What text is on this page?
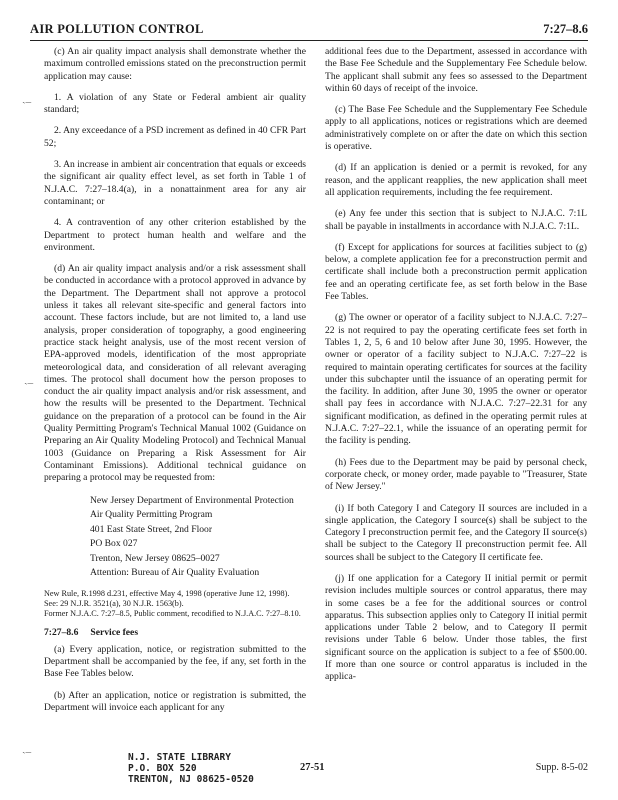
AIR POLLUTION CONTROL	7:27–8.6
ˎ_
ˎ_
ˎ_

(c) An air quality impact analysis shall demonstrate whether the maximum controlled emissions stated on the preconstruction permit application may cause:

1. A violation of any State or Federal ambient air quality standard;

2. Any exceedance of a PSD increment as defined in 40 CFR Part 52;

3. An increase in ambient air concentration that equals or exceeds the significant air quality effect level, as set forth in Table 1 of N.J.A.C. 7:27–18.4(a), in a nonattainment area for any air contaminant; or

4. A contravention of any other criterion established by the Department to protect human health and welfare and the environment.

(d) An air quality impact analysis and/or a risk assessment shall be conducted in accordance with a protocol approved in advance by the Department. The Department shall not approve a protocol unless it takes all relevant site-specific and general factors into account. These factors include, but are not limited to, a land use analysis, proper consideration of topography, a good engineering practice stack height analysis, use of the most recent version of EPA-approved models, identification of the most appropriate meteorological data, and consideration of all relevant averaging times. The protocol shall document how the person proposes to conduct the air quality impact analysis and/or risk assessment, and how the results will be presented to the Department. Technical guidance on the preparation of a protocol can be found in the Air Quality Permitting Program's Technical Manual 1002 (Guidance on Preparing an Air Quality Modeling Protocol) and Technical Manual 1003 (Guidance on Preparing a Risk Assessment for Air Contaminant Emissions). Additional technical guidance on preparing a protocol may be requested from:

New Jersey Department of Environmental Protection
Air Quality Permitting Program
401 East State Street, 2nd Floor
PO Box 027
Trenton, New Jersey 08625–0027
Attention: Bureau of Air Quality Evaluation
New Rule, R.1998 d.231, effective May 4, 1998 (operative June 12, 1998).
See: 29 N.J.R. 3521(a), 30 N.J.R. 1563(b).
Former N.J.A.C. 7:27–8.5, Public comment, recodified to N.J.A.C. 7:27–8.10.

7:27–8.6 Service fees

(a) Every application, notice, or registration submitted to the Department shall be accompanied by the fee, if any, set forth in the Base Fee Tables below.

(b) After an application, notice or registration is submitted, the Department will invoice each applicant for any

additional fees due to the Department, assessed in accordance with the Base Fee Schedule and the Supplementary Fee Schedule below. The applicant shall submit any fees so assessed to the Department within 60 days of receipt of the invoice.

(c) The Base Fee Schedule and the Supplementary Fee Schedule apply to all applications, notices or registrations which are deemed administratively complete on or after the date on which this section is operative.

(d) If an application is denied or a permit is revoked, for any reason, and the applicant reapplies, the new application shall meet all application requirements, including the fee requirement.

(e) Any fee under this section that is subject to N.J.A.C. 7:1L shall be payable in installments in accordance with N.J.A.C. 7:1L.

(f) Except for applications for sources at facilities subject to (g) below, a complete application fee for a preconstruction permit and certificate shall include both a preconstruction permit application fee and an operating certificate fee, as set forth below in the Base Fee Tables.

(g) The owner or operator of a facility subject to N.J.A.C. 7:27–22 is not required to pay the operating certificate fees set forth in Tables 1, 2, 5, 6 and 10 below after June 30, 1995. However, the owner or operator of a facility subject to N.J.A.C. 7:27–22 is required to maintain operating certificates for sources at the facility under this subchapter until the issuance of an operating permit for the facility. In addition, after June 30, 1995 the owner or operator shall pay fees in accordance with N.J.A.C. 7:27–22.31 for any significant modification, as defined in the operating permit rules at N.J.A.C. 7:27–22.1, while the issuance of an operating permit for the facility is pending.

(h) Fees due to the Department may be paid by personal check, corporate check, or money order, made payable to "Treasurer, State of New Jersey."

(i) If both Category I and Category II sources are included in a single application, the Category I source(s) shall be subject to the Category I preconstruction permit fee, and the Category II source(s) shall be subject to the Category II preconstruction permit fee. All sources shall be subject to the Category II certificate fee.

(j) If one application for a Category II initial permit or permit revision includes multiple sources or control apparatus, there may in some cases be a fee for the additional sources or control apparatus. This subsection applies only to Category II initial permit applications under Table 2 below, and to Category II permit revisions under Table 6 below. Under those tables, the first significant source on the application is subject to a fee of $500.00. If more than one source or control apparatus is included in the applica-

N.J. STATE LIBRARY
P.O. BOX 520
TRENTON, NJ 08625-0520
27-51	Supp. 8-5-02
